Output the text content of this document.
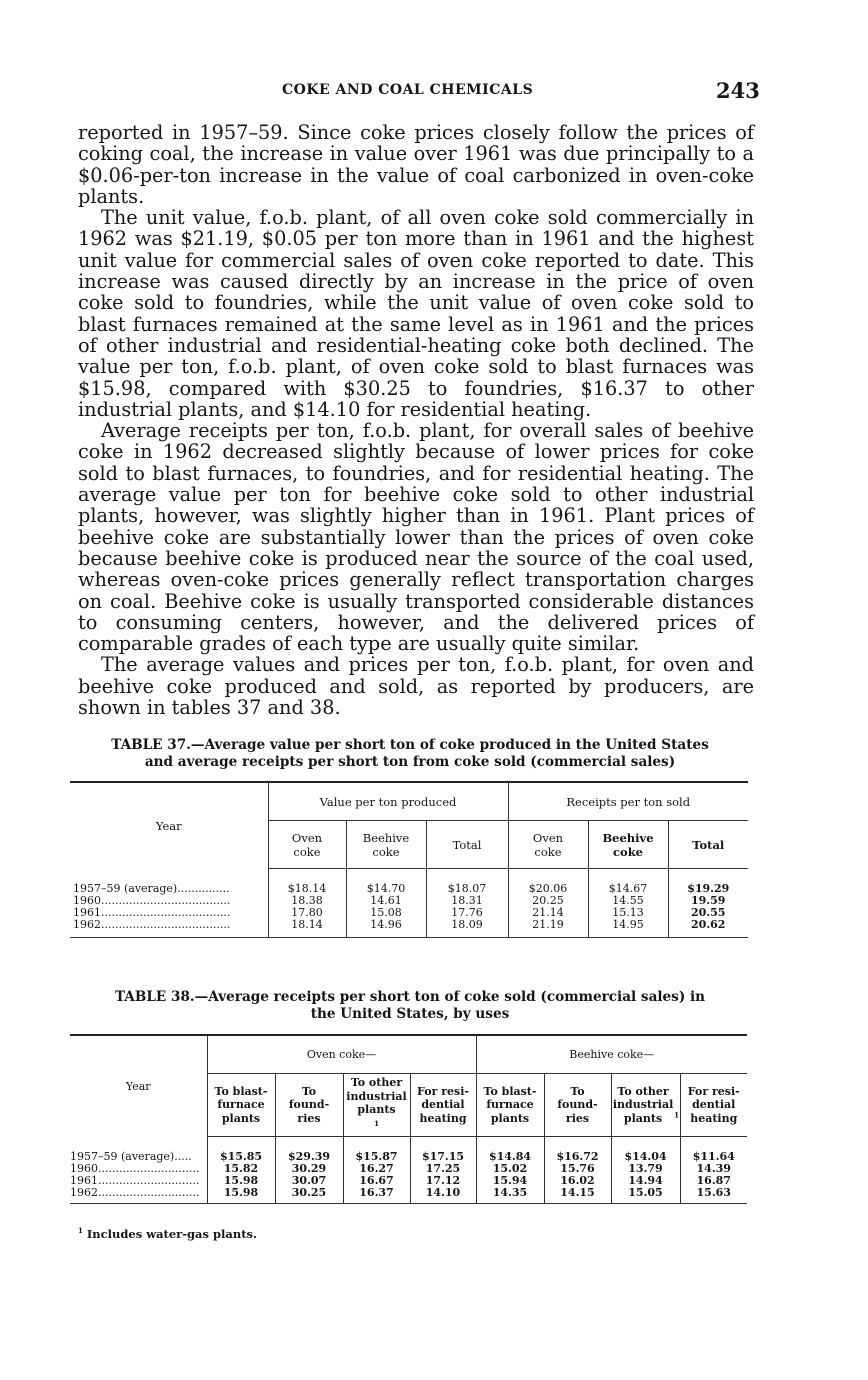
COKE AND COAL CHEMICALS	243

reported in 1957–59. Since coke prices closely follow the prices of coking coal, the increase in value over 1961 was due principally to a $0.06-per-ton increase in the value of coal carbonized in oven-coke plants.

The unit value, f.o.b. plant, of all oven coke sold commercially in 1962 was $21.19, $0.05 per ton more than in 1961 and the highest unit value for commercial sales of oven coke reported to date. This increase was caused directly by an increase in the price of oven coke sold to foundries, while the unit value of oven coke sold to blast furnaces remained at the same level as in 1961 and the prices of other industrial and residential-heating coke both declined. The value per ton, f.o.b. plant, of oven coke sold to blast furnaces was $15.98, compared with $30.25 to foundries, $16.37 to other industrial plants, and $14.10 for residential heating.

Average receipts per ton, f.o.b. plant, for overall sales of beehive coke in 1962 decreased slightly because of lower prices for coke sold to blast furnaces, to foundries, and for residential heating. The average value per ton for beehive coke sold to other industrial plants, however, was slightly higher than in 1961. Plant prices of beehive coke are substantially lower than the prices of oven coke because beehive coke is produced near the source of the coal used, whereas oven-coke prices generally reflect transportation charges on coal. Beehive coke is usually transported considerable distances to consuming centers, however, and the delivered prices of comparable grades of each type are usually quite similar.

The average values and prices per ton, f.o.b. plant, for oven and beehive coke produced and sold, as reported by producers, are shown in tables 37 and 38.

TABLE 37.—Average value per short ton of coke produced in the United States
and average receipts per short ton from coke sold (commercial sales)

Year	Value per ton produced			Receipts per ton sold		
	Oven coke	Beehive coke	Total	Oven coke	Beehive coke	Total
1957–59 (average)...............	$18.14	$14.70	$18.07	$20.06	$14.67	$19.29
1960.....................................	18.38	14.61	18.31	20.25	14.55	19.59
1961.....................................	17.80	15.08	17.76	21.14	15.13	20.55
1962.....................................	18.14	14.96	18.09	21.19	14.95	20.62

TABLE 38.—Average receipts per short ton of coke sold (commercial sales) in
the United States, by uses

Year	Oven coke—				Beehive coke—			
	To blast-furnace plants	To found-ries	To other industrial plants$^1$	For resi-dential heating	To blast-furnace plants	To found-ries	To other industrial plants $^1$	For resi-dential heating
1957–59 (average).....	$15.85	$29.39	$15.87	$17.15	$14.84	$16.72	$14.04	$11.64
1960.............................	15.82	30.29	16.27	17.25	15.02	15.76	13.79	14.39
1961.............................	15.98	30.07	16.67	17.12	15.94	16.02	14.94	16.87
1962.............................	15.98	30.25	16.37	14.10	14.35	14.15	15.05	15.63

$^1$ Includes water-gas plants.
